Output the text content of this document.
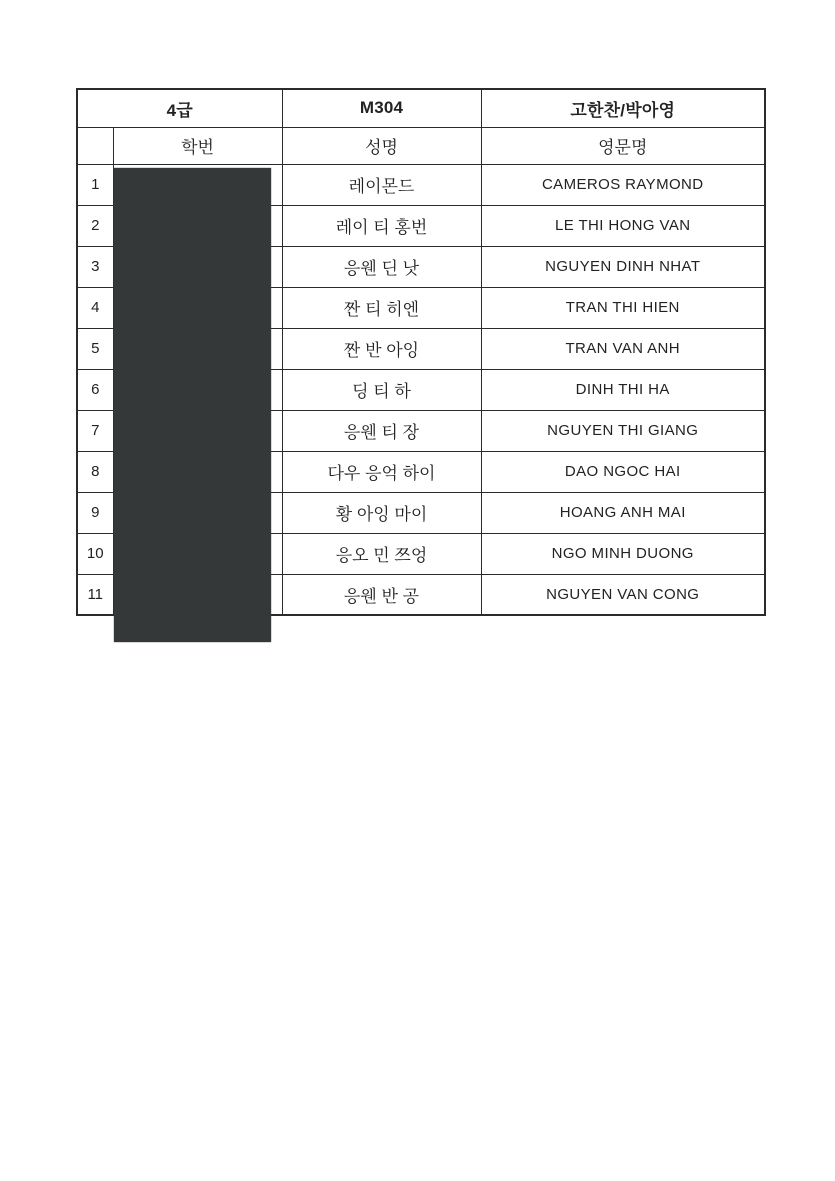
4급		M304	고한찬/박아영
	학번	성명	영문명
1		레이몬드	CAMEROS RAYMOND
2		레이 티 홍번	LE THI HONG VAN
3		응웬 딘 낫	NGUYEN DINH NHAT
4		짠 티 히엔	TRAN THI HIEN
5		짠 반 아잉	TRAN VAN ANH
6		딩 티 하	DINH THI HA
7		응웬 티 장	NGUYEN THI GIANG
8		다우 응억 하이	DAO NGOC HAI
9		황 아잉 마이	HOANG ANH MAI
10		응오 민 쯔엉	NGO MINH DUONG
11		응웬 반 공	NGUYEN VAN CONG
